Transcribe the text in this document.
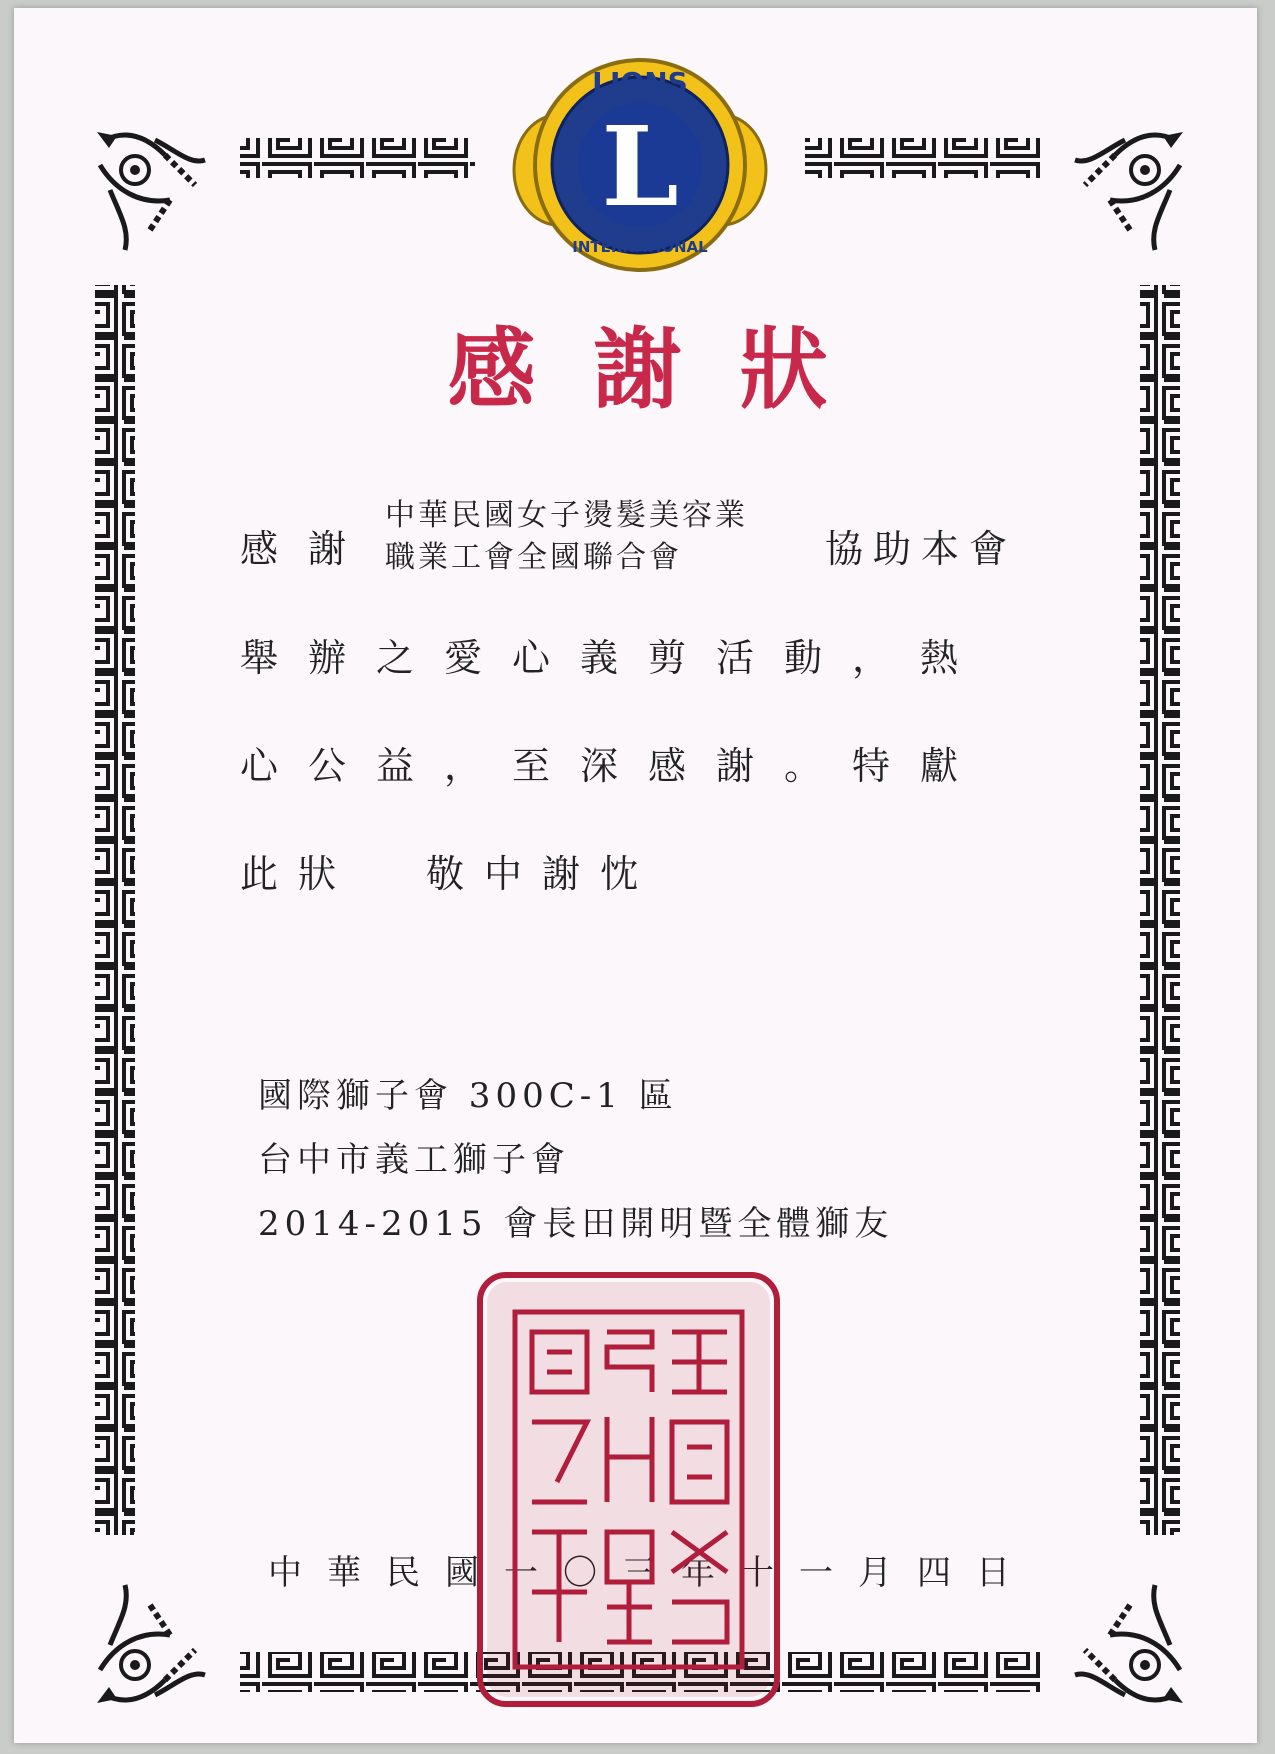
L
LIONS
INTERNATIONAL
感謝狀
感謝
中華民國女子燙髮美容業
職業工會全國聯合會	協助本會
舉辦之愛心義剪活動，熱
心公益，至深感謝。特獻
此狀 敬中謝忱
國際獅子會 300C-1 區
台中市義工獅子會
2014-2015 會長田開明暨全體獅友
中華民國一〇三年十一月四日
